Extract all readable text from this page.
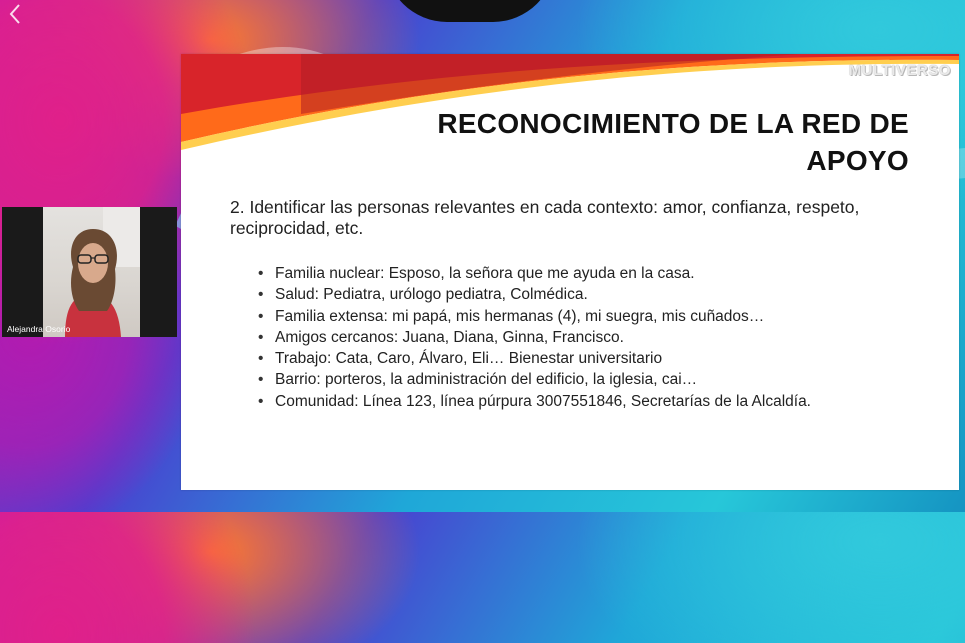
MULTIVERSO
RECONOCIMIENTO DE LA RED DE
APOYO

2. Identificar las personas relevantes en cada contexto: amor, confianza, respeto, reciprocidad, etc.

• Familia nuclear: Esposo, la señora que me ayuda en la casa.
• Salud: Pediatra, urólogo pediatra, Colmédica.
• Familia extensa: mi papá, mis hermanas (4), mi suegra, mis cuñados…
• Amigos cercanos: Juana, Diana, Ginna, Francisco.
• Trabajo: Cata, Caro, Álvaro, Eli… Bienestar universitario
• Barrio: porteros, la administración del edificio, la iglesia, cai…
• Comunidad: Línea 123, línea púrpura 3007551846, Secretarías de la Alcaldía.
Alejandra Osorio
